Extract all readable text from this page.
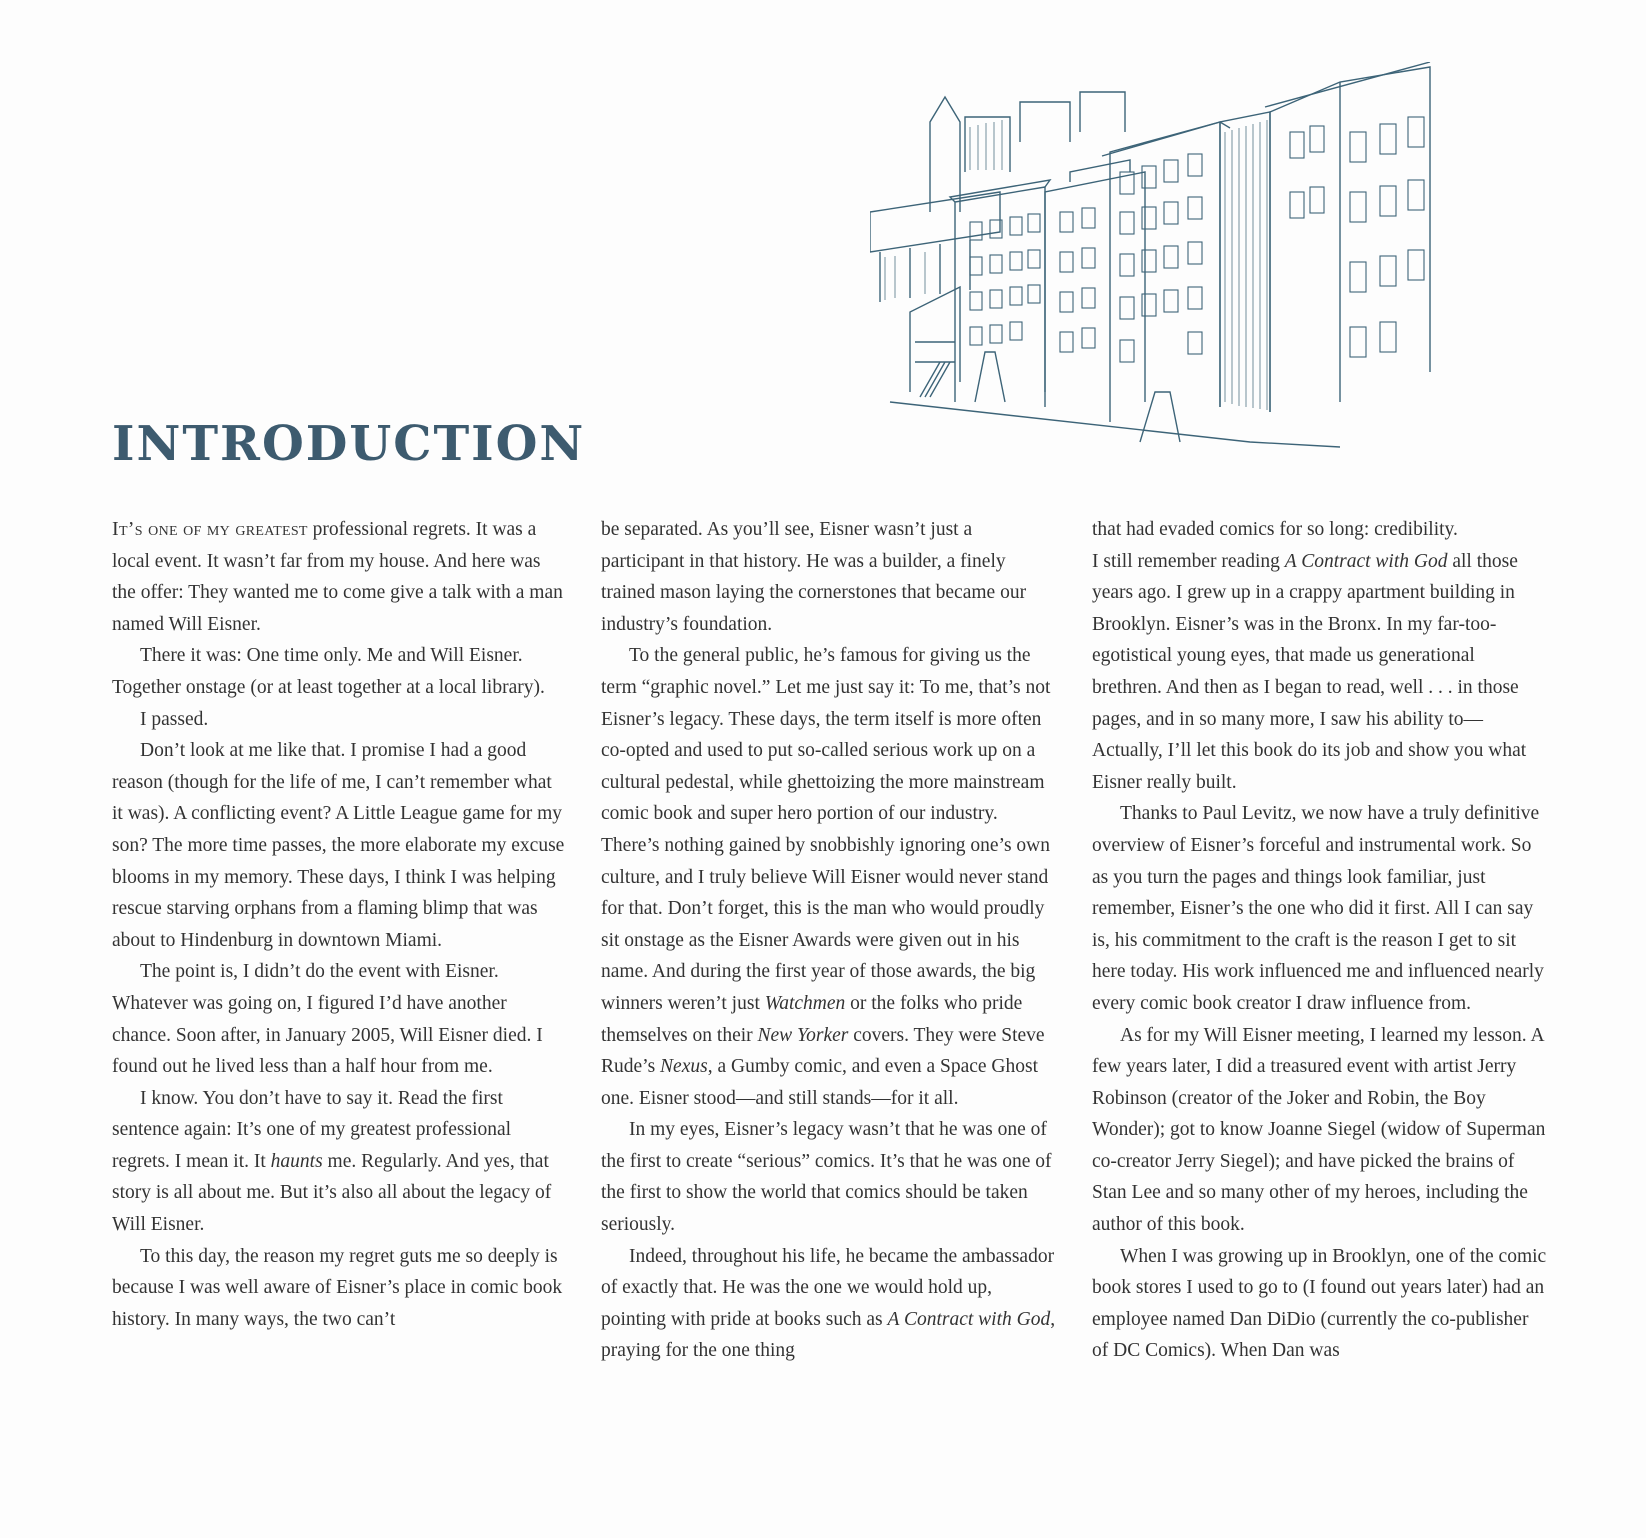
INTRODUCTION

It’s one of my greatest professional regrets. It was a local event. It wasn’t far from my house. And here was the offer: They wanted me to come give a talk with a man named Will Eisner.

There it was: One time only. Me and Will Eisner. Together onstage (or at least together at a local library).

I passed.

Don’t look at me like that. I promise I had a good reason (though for the life of me, I can’t remember what it was). A conflicting event? A Little League game for my son? The more time passes, the more elaborate my excuse blooms in my memory. These days, I think I was helping rescue starving orphans from a flaming blimp that was about to Hindenburg in downtown Miami.

The point is, I didn’t do the event with Eisner. Whatever was going on, I figured I’d have another chance. Soon after, in January 2005, Will Eisner died. I found out he lived less than a half hour from me.

I know. You don’t have to say it. Read the first sentence again: It’s one of my greatest professional regrets. I mean it. It haunts me. Regularly. And yes, that story is all about me. But it’s also all about the legacy of Will Eisner.

To this day, the reason my regret guts me so deeply is because I was well aware of Eisner’s place in comic book history. In many ways, the two can’t

be separated. As you’ll see, Eisner wasn’t just a participant in that history. He was a builder, a finely trained mason laying the cornerstones that became our industry’s foundation.

To the general public, he’s famous for giving us the term “graphic novel.” Let me just say it: To me, that’s not Eisner’s legacy. These days, the term itself is more often co-opted and used to put so-called serious work up on a cultural pedestal, while ghettoizing the more mainstream comic book and super hero portion of our industry. There’s nothing gained by snobbishly ignoring one’s own culture, and I truly believe Will Eisner would never stand for that. Don’t forget, this is the man who would proudly sit onstage as the Eisner Awards were given out in his name. And during the first year of those awards, the big winners weren’t just Watchmen or the folks who pride themselves on their New Yorker covers. They were Steve Rude’s Nexus, a Gumby comic, and even a Space Ghost one. Eisner stood—and still stands—for it all.

In my eyes, Eisner’s legacy wasn’t that he was one of the first to create “serious” comics. It’s that he was one of the first to show the world that comics should be taken seriously.

Indeed, throughout his life, he became the ambassador of exactly that. He was the one we would hold up, pointing with pride at books such as A Contract with God, praying for the one thing

that had evaded comics for so long: credibility.

I still remember reading A Contract with God all those years ago. I grew up in a crappy apartment building in Brooklyn. Eisner’s was in the Bronx. In my far-too-egotistical young eyes, that made us generational brethren. And then as I began to read, well . . . in those pages, and in so many more, I saw his ability to— Actually, I’ll let this book do its job and show you what Eisner really built.

Thanks to Paul Levitz, we now have a truly definitive overview of Eisner’s forceful and instrumental work. So as you turn the pages and things look familiar, just remember, Eisner’s the one who did it first. All I can say is, his commitment to the craft is the reason I get to sit here today. His work influenced me and influenced nearly every comic book creator I draw influence from.

As for my Will Eisner meeting, I learned my lesson. A few years later, I did a treasured event with artist Jerry Robinson (creator of the Joker and Robin, the Boy Wonder); got to know Joanne Siegel (widow of Superman co-creator Jerry Siegel); and have picked the brains of Stan Lee and so many other of my heroes, including the author of this book.

When I was growing up in Brooklyn, one of the comic book stores I used to go to (I found out years later) had an employee named Dan DiDio (currently the co-publisher of DC Comics). When Dan was
